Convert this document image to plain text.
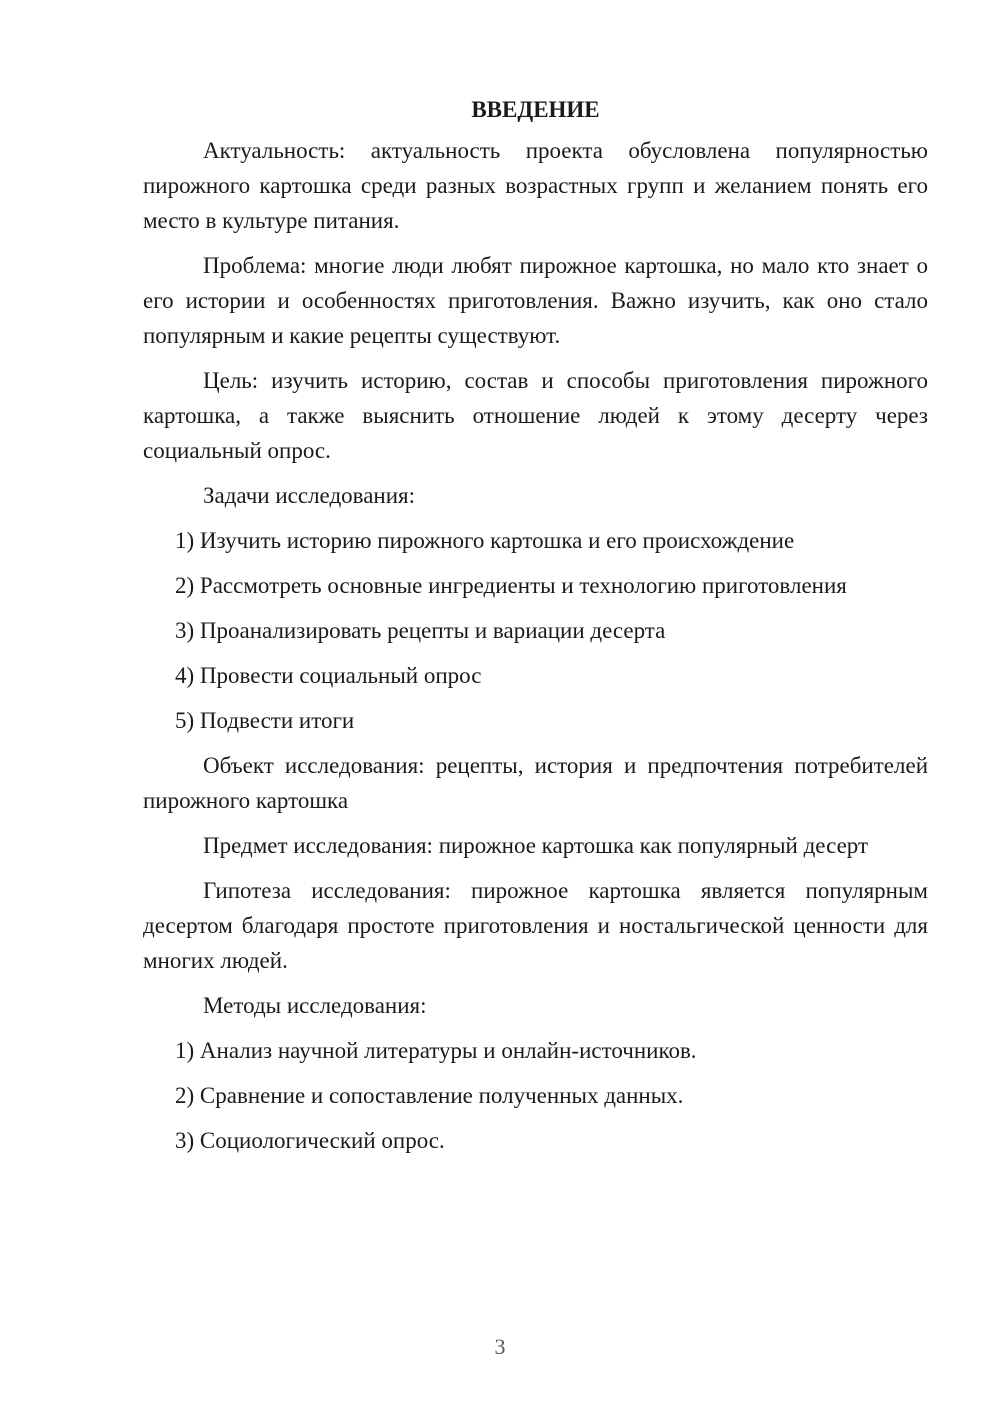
ВВЕДЕНИЕ

Актуальность: актуальность проекта обусловлена популярностью пирожного картошка среди разных возрастных групп и желанием понять его место в культуре питания.

Проблема: многие люди любят пирожное картошка, но мало кто знает о его истории и особенностях приготовления. Важно изучить, как оно стало популярным и какие рецепты существуют.

Цель: изучить историю, состав и способы приготовления пирожного картошка, а также выяснить отношение людей к этому десерту через социальный опрос.

Задачи исследования:

1) Изучить историю пирожного картошка и его происхождение
2) Рассмотреть основные ингредиенты и технологию приготовления
3) Проанализировать рецепты и вариации десерта
4) Провести социальный опрос
5) Подвести итоги

Объект исследования: рецепты, история и предпочтения потребителей пирожного картошка

Предмет исследования: пирожное картошка как популярный десерт

Гипотеза исследования: пирожное картошка является популярным десертом благодаря простоте приготовления и ностальгической ценности для многих людей.

Методы исследования:

1) Анализ научной литературы и онлайн-источников.
2) Сравнение и сопоставление полученных данных.
3) Социологический опрос.
3
